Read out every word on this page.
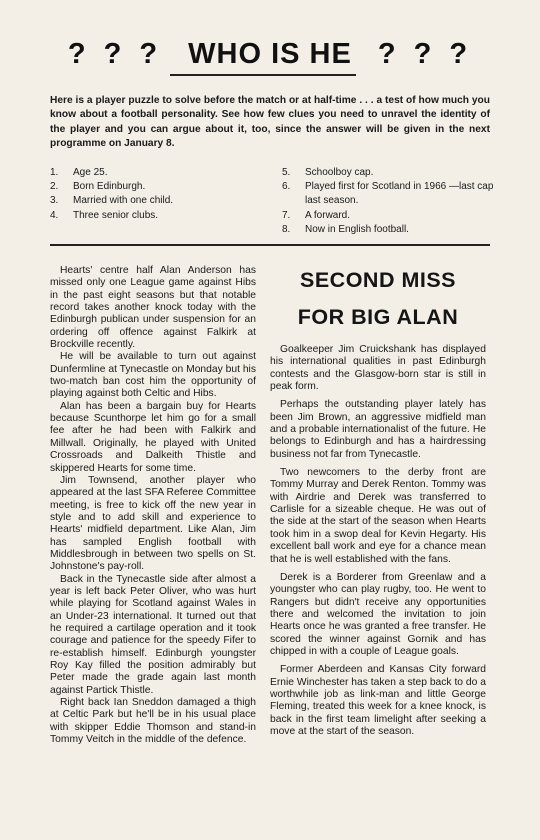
? ? ? WHO IS HE ? ? ?
Here is a player puzzle to solve before the match or at half-time . . . a test of how much you know about a football personality. See how few clues you need to unravel the identity of the player and you can argue about it, too, since the answer will be given in the next programme on January 8.
1.	Age 25.
2.	Born Edinburgh.
3.	Married with one child.
4.	Three senior clubs.
5.	Schoolboy cap.
6.	Played first for Scotland in 1966 —last cap last season.
7.	A forward.
8.	Now in English football.

Hearts' centre half Alan Anderson has missed only one League game against Hibs in the past eight seasons but that notable record takes another knock today with the Edinburgh publican under suspension for an ordering off offence against Falkirk at Brockville recently.

He will be available to turn out against Dunfermline at Tynecastle on Monday but his two-match ban cost him the opportunity of playing against both Celtic and Hibs.

Alan has been a bargain buy for Hearts because Scunthorpe let him go for a small fee after he had been with Falkirk and Millwall. Originally, he played with United Crossroads and Dalkeith Thistle and skippered Hearts for some time.

Jim Townsend, another player who appeared at the last SFA Referee Committee meeting, is free to kick off the new year in style and to add skill and experience to Hearts' midfield department. Like Alan, Jim has sampled English football with Middlesbrough in between two spells on St. Johnstone's pay-roll.

Back in the Tynecastle side after almost a year is left back Peter Oliver, who was hurt while playing for Scotland against Wales in an Under-23 international. It turned out that he required a cartilage operation and it took courage and patience for the speedy Fifer to re-establish himself. Edinburgh youngster Roy Kay filled the position admirably but Peter made the grade again last month against Partick Thistle.

Right back Ian Sneddon damaged a thigh at Celtic Park but he'll be in his usual place with skipper Eddie Thomson and stand-in Tommy Veitch in the middle of the defence.

SECOND MISS
FOR BIG ALAN

Goalkeeper Jim Cruickshank has displayed his international qualities in past Edinburgh contests and the Glasgow-born star is still in peak form.

Perhaps the outstanding player lately has been Jim Brown, an aggressive midfield man and a probable internationalist of the future. He belongs to Edinburgh and has a hairdressing business not far from Tynecastle.

Two newcomers to the derby front are Tommy Murray and Derek Renton. Tommy was with Airdrie and Derek was transferred to Carlisle for a sizeable cheque. He was out of the side at the start of the season when Hearts took him in a swop deal for Kevin Hegarty. His excellent ball work and eye for a chance mean that he is well established with the fans.

Derek is a Borderer from Greenlaw and a youngster who can play rugby, too. He went to Rangers but didn't receive any opportunities there and welcomed the invitation to join Hearts once he was granted a free transfer. He scored the winner against Gornik and has chipped in with a couple of League goals.

Former Aberdeen and Kansas City forward Ernie Winchester has taken a step back to do a worthwhile job as link-man and little George Fleming, treated this week for a knee knock, is back in the first team limelight after seeking a move at the start of the season.
